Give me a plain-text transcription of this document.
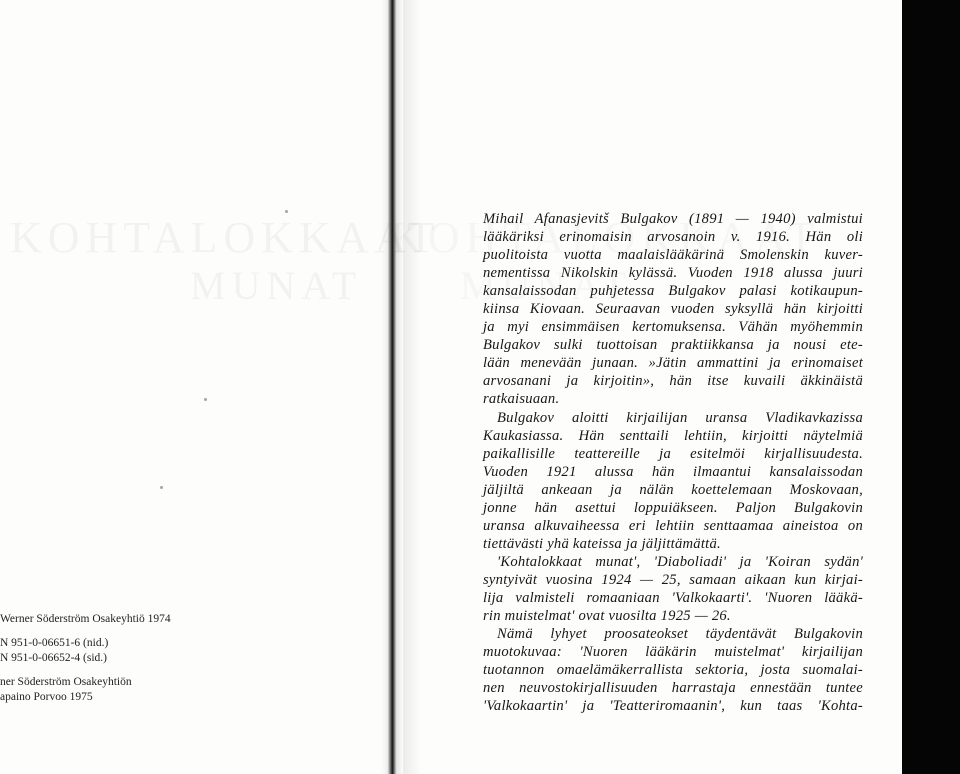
Werner Söderström Osakeyhtiö 1974
N 951-0-06651-6 (nid.)
N 951-0-06652-4 (sid.)
ner Söderström Osakeyhtiön
apaino Porvoo 1975
Mihail Afanasjevitš Bulgakov (1891 — 1940) valmistui
lääkäriksi erinomaisin arvosanoin v. 1916. Hän oli
puolitoista vuotta maalaislääkärinä Smolenskin kuver-
nementissa Nikolskin kylässä. Vuoden 1918 alussa juuri
kansalaissodan puhjetessa Bulgakov palasi kotikaupun-
kiinsa Kiovaan. Seuraavan vuoden syksyllä hän kirjoitti
ja myi ensimmäisen kertomuksensa. Vähän myöhemmin
Bulgakov sulki tuottoisan praktiikkansa ja nousi ete-
lään menevään junaan. »Jätin ammattini ja erinomaiset
arvosanani ja kirjoitin», hän itse kuvaili äkkinäistä
ratkaisuaan.
Bulgakov aloitti kirjailijan uransa Vladikavkazissa
Kaukasiassa. Hän senttaili lehtiin, kirjoitti näytelmiä
paikallisille teattereille ja esitelmöi kirjallisuudesta.
Vuoden 1921 alussa hän ilmaantui kansalaissodan
jäljiltä ankeaan ja nälän koettelemaan Moskovaan,
jonne hän asettui loppuiäkseen. Paljon Bulgakovin
uransa alkuvaiheessa eri lehtiin senttaamaa aineistoa on
tiettävästi yhä kateissa ja jäljittämättä.
'Kohtalokkaat munat', 'Diaboliadi' ja 'Koiran sydän'
syntyivät vuosina 1924 — 25, samaan aikaan kun kirjai-
lija valmisteli romaaniaan 'Valkokaarti'. 'Nuoren lääkä-
rin muistelmat' ovat vuosilta 1925 — 26.
Nämä lyhyet proosateokset täydentävät Bulgakovin
muotokuvaa: 'Nuoren lääkärin muistelmat' kirjailijan
tuotannon omaelämäkerrallista sektoria, josta suomalai-
nen neuvostokirjallisuuden harrastaja ennestään tuntee
'Valkokaartin' ja 'Teatteriromaanin', kun taas 'Kohta-
